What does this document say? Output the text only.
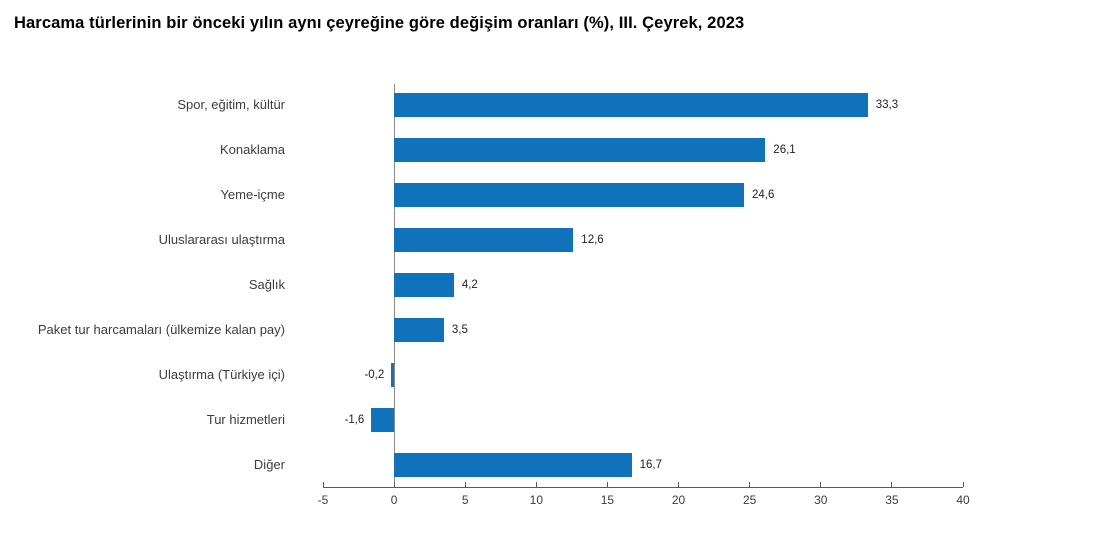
Harcama türlerinin bir önceki yılın aynı çeyreğine göre değişim oranları (%), III. Çeyrek, 2023
Spor, eğitim, kültür	33,3
Konaklama	26,1
Yeme-içme	24,6
Uluslararası ulaştırma	12,6
Sağlık	4,2
Paket tur harcamaları (ülkemize kalan pay)	3,5
Ulaştırma (Türkiye içi)	-0,2
Tur hizmetleri	-1,6
Diğer	16,7
-5	0	5	10	15	20	25	30	35	40
